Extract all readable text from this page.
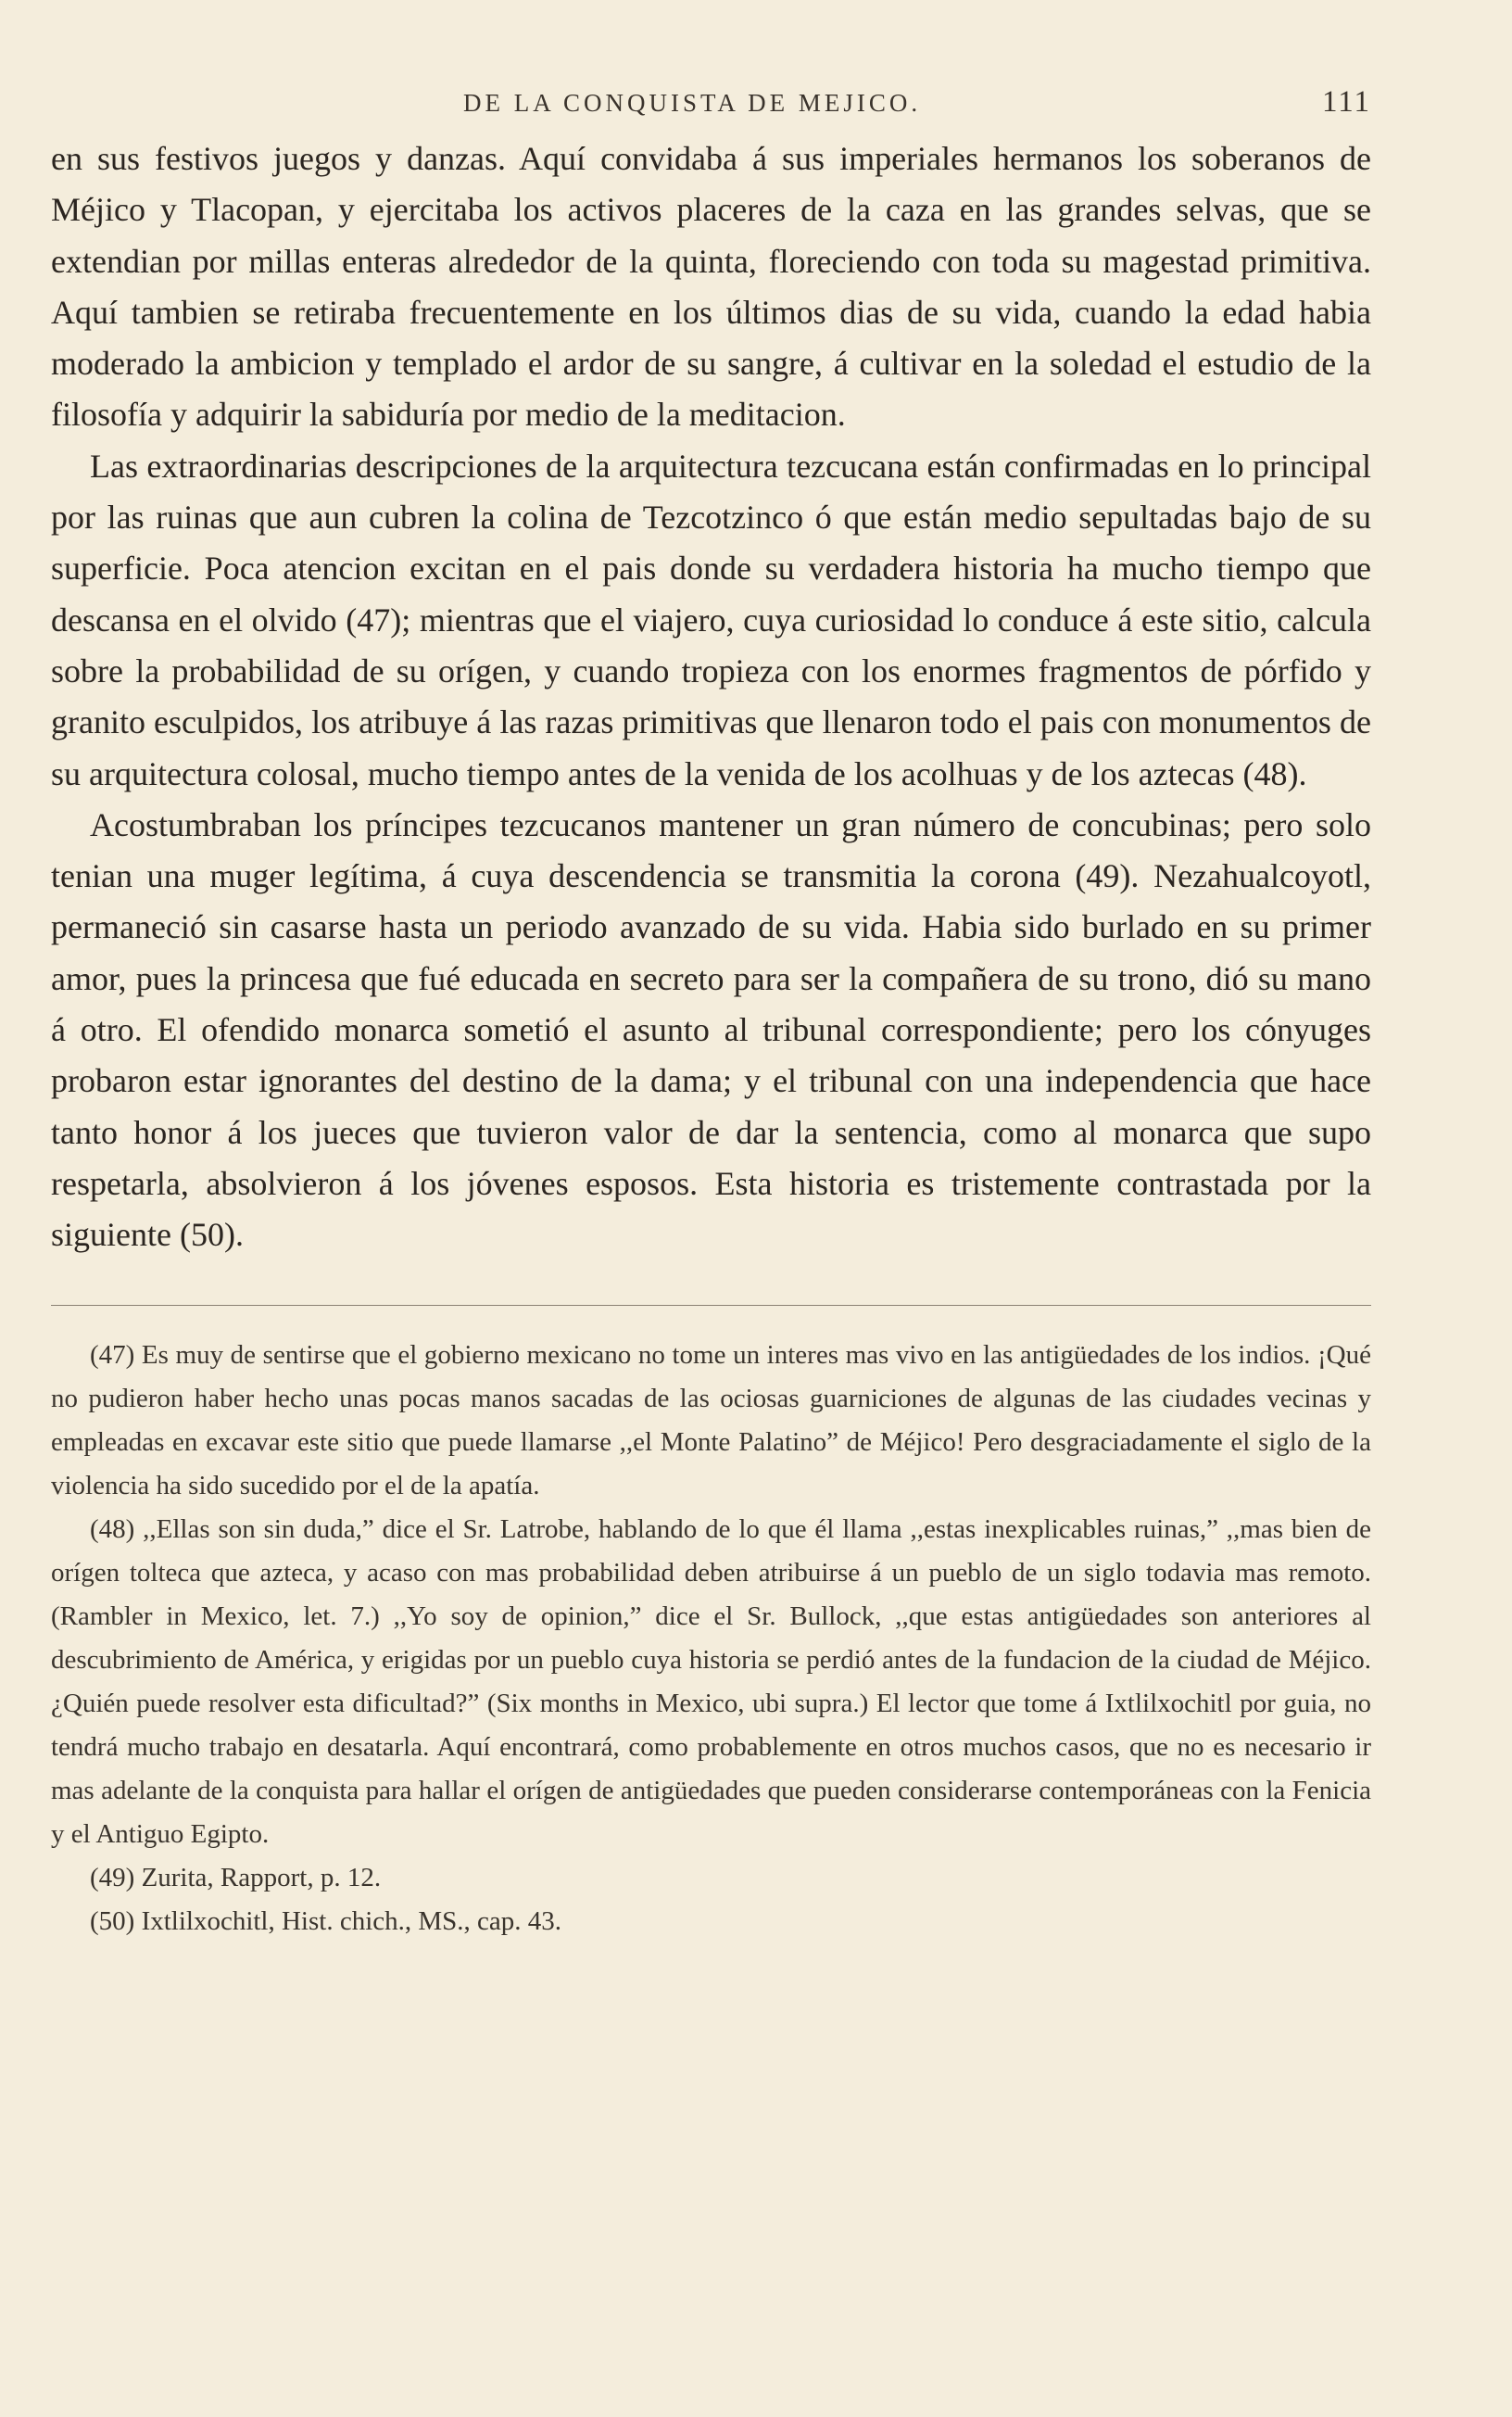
DE LA CONQUISTA DE MEJICO.	111

en sus festivos juegos y danzas. Aquí convidaba á sus imperiales hermanos los soberanos de Méjico y Tlacopan, y ejercitaba los activos placeres de la caza en las grandes selvas, que se extendian por millas enteras alrededor de la quinta, floreciendo con toda su magestad primitiva. Aquí tambien se retiraba frecuentemente en los últimos dias de su vida, cuando la edad habia moderado la ambicion y templado el ardor de su sangre, á cultivar en la soledad el estudio de la filosofía y adquirir la sabiduría por medio de la meditacion.

Las extraordinarias descripciones de la arquitectura tezcucana están confirmadas en lo principal por las ruinas que aun cubren la colina de Tezcotzinco ó que están medio sepultadas bajo de su superficie. Poca atencion excitan en el pais donde su verdadera historia ha mucho tiempo que descansa en el olvido (47); mientras que el viajero, cuya curiosidad lo conduce á este sitio, calcula sobre la probabilidad de su orígen, y cuando tropieza con los enormes fragmentos de pórfido y granito esculpidos, los atribuye á las razas primitivas que llenaron todo el pais con monumentos de su arquitectura colosal, mucho tiempo antes de la venida de los acolhuas y de los aztecas (48).

Acostumbraban los príncipes tezcucanos mantener un gran número de concubinas; pero solo tenian una muger legítima, á cuya descendencia se transmitia la corona (49). Nezahualcoyotl, permaneció sin casarse hasta un periodo avanzado de su vida. Habia sido burlado en su primer amor, pues la princesa que fué educada en secreto para ser la compañera de su trono, dió su mano á otro. El ofendido monarca sometió el asunto al tribunal correspondiente; pero los cónyuges probaron estar ignorantes del destino de la dama; y el tribunal con una independencia que hace tanto honor á los jueces que tuvieron valor de dar la sentencia, como al monarca que supo respetarla, absolvieron á los jóvenes esposos. Esta historia es tristemente contrastada por la siguiente (50).

(47) Es muy de sentirse que el gobierno mexicano no tome un interes mas vivo en las antigüedades de los indios. ¡Qué no pudieron haber hecho unas pocas manos sacadas de las ociosas guarniciones de algunas de las ciudades vecinas y empleadas en excavar este sitio que puede llamarse ,,el Monte Palatino” de Méjico! Pero desgraciadamente el siglo de la violencia ha sido sucedido por el de la apatía.

(48) ,,Ellas son sin duda,” dice el Sr. Latrobe, hablando de lo que él llama ,,estas inexplicables ruinas,” ,,mas bien de orígen tolteca que azteca, y acaso con mas probabilidad deben atribuirse á un pueblo de un siglo todavia mas remoto. (Rambler in Mexico, let. 7.) ,,Yo soy de opinion,” dice el Sr. Bullock, ,,que estas antigüedades son anteriores al descubrimiento de América, y erigidas por un pueblo cuya historia se perdió antes de la fundacion de la ciudad de Méjico. ¿Quién puede resolver esta dificultad?” (Six months in Mexico, ubi supra.) El lector que tome á Ixtlilxochitl por guia, no tendrá mucho trabajo en desatarla. Aquí encontrará, como probablemente en otros muchos casos, que no es necesario ir mas adelante de la conquista para hallar el orígen de antigüedades que pueden considerarse contemporáneas con la Fenicia y el Antiguo Egipto.

(49) Zurita, Rapport, p. 12.

(50) Ixtlilxochitl, Hist. chich., MS., cap. 43.
